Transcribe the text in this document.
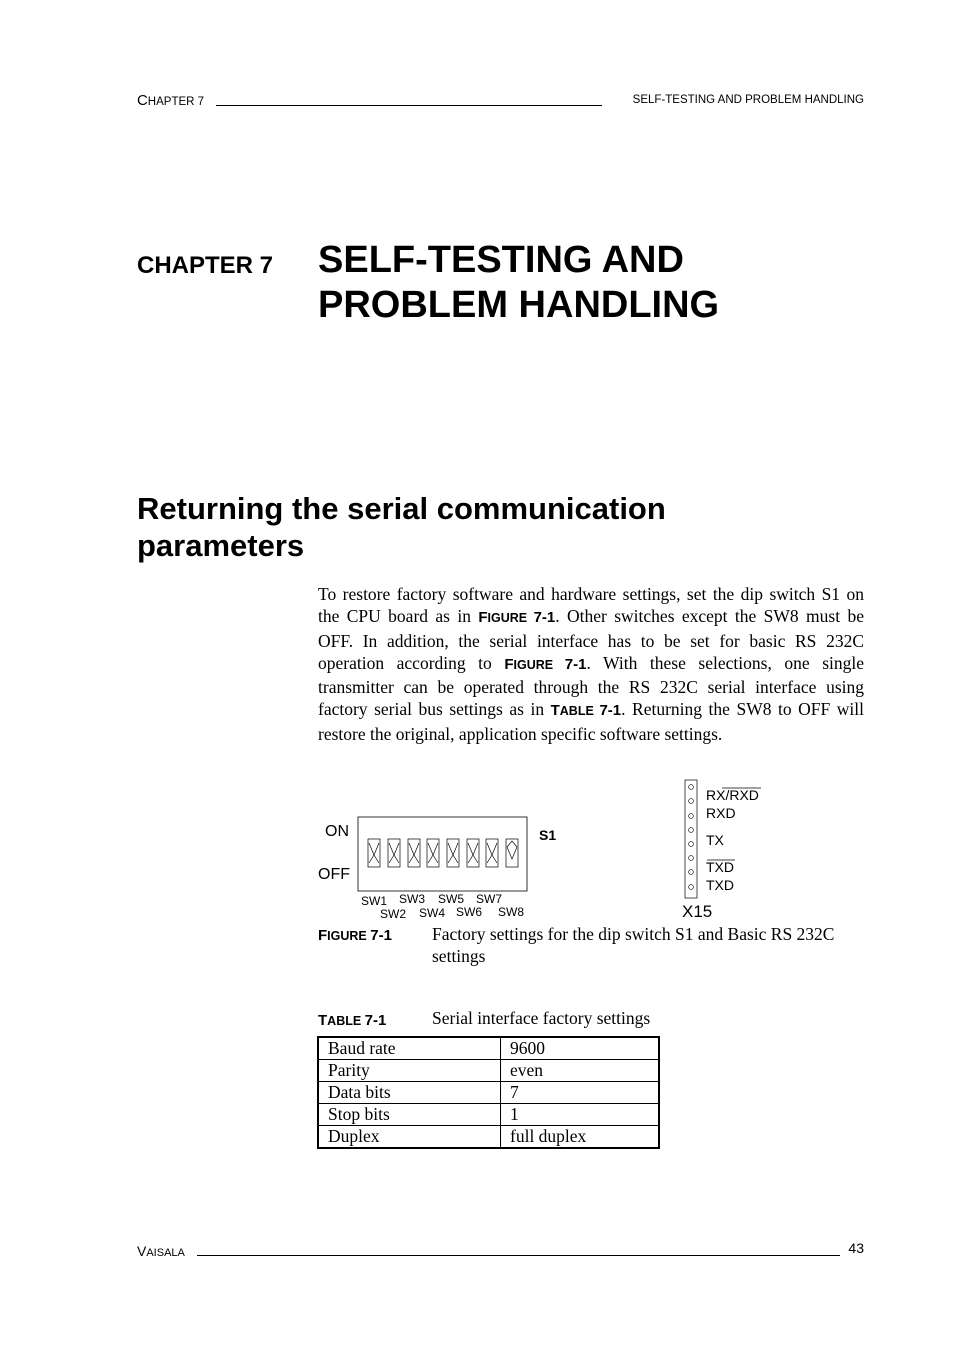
CHAPTER 7	SELF-TESTING AND PROBLEM HANDLING
CHAPTER 7 SELF-TESTING AND
PROBLEM HANDLING
Returning the serial communication
parameters

To restore factory software and hardware settings, set the dip switch S1 on the CPU board as in FIGURE 7-1. Other switches except the SW8 must be OFF. In addition, the serial interface has to be set for basic RS 232C operation according to FIGURE 7-1. With these selections, one single transmitter can be operated through the RS 232C serial interface using factory serial bus settings as in TABLE 7-1. Returning the SW8 to OFF will restore the original, application specific software settings.

ON
OFF
S1
SW1 SW3 SW5 SW7
SW2 SW4 SW6 SW8
RX/RXD
RXD
TX
TXD
TXD
X15
FIGURE 7-1 Factory settings for the dip switch S1 and Basic RS 232C settings
TABLE 7-1	Serial interface factory settings
Baud rate	9600
Parity	even
Data bits	7
Stop bits	1
Duplex	full duplex
VAISALA	43
